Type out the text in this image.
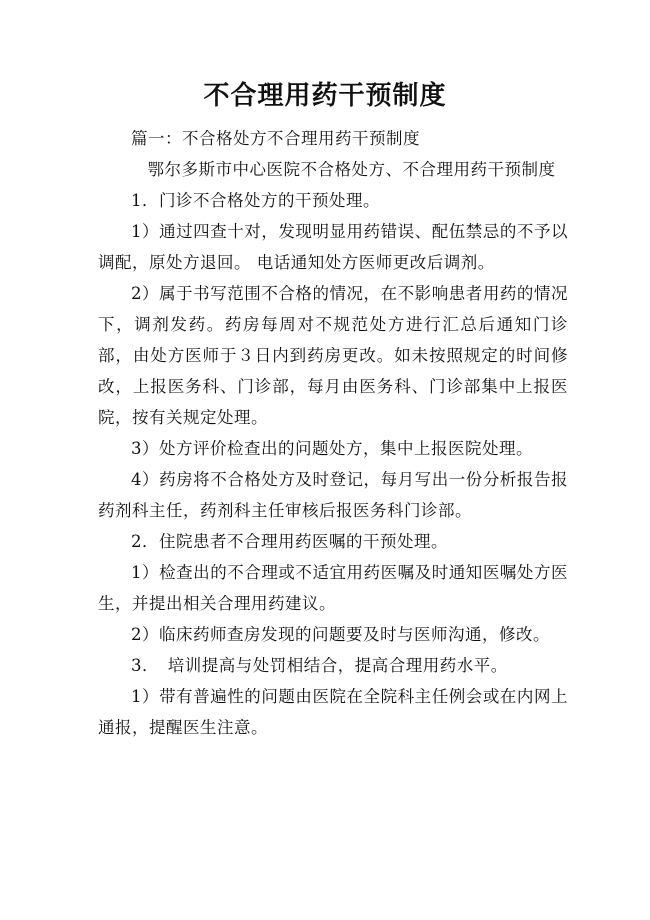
不合理用药干预制度

篇一：不合格处方不合理用药干预制度

鄂尔多斯市中心医院不合格处方、不合理用药干预制度

1．门诊不合格处方的干预处理。

1）通过四查十对，发现明显用药错误、配伍禁忌的不予以调配，原处方退回。 电话通知处方医师更改后调剂。

2）属于书写范围不合格的情况，在不影响患者用药的情况下，调剂发药。药房每周对不规范处方进行汇总后通知门诊部，由处方医师于３日内到药房更改。如未按照规定的时间修改，上报医务科、门诊部，每月由医务科、门诊部集中上报医院，按有关规定处理。

3）处方评价检查出的问题处方，集中上报医院处理。

4）药房将不合格处方及时登记，每月写出一份分析报告报药剂科主任，药剂科主任审核后报医务科门诊部。

2．住院患者不合理用药医嘱的干预处理。

1）检查出的不合理或不适宜用药医嘱及时通知医嘱处方医生，并提出相关合理用药建议。

2）临床药师查房发现的问题要及时与医师沟通，修改。

3．　培训提高与处罚相结合，提高合理用药水平。

1）带有普遍性的问题由医院在全院科主任例会或在内网上通报，提醒医生注意。
